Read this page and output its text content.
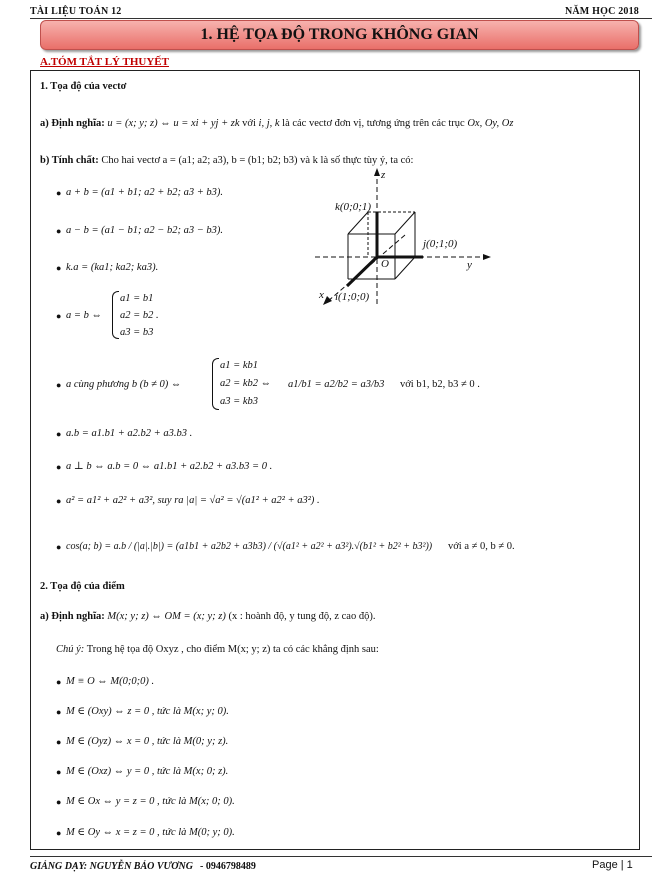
TÀI LIỆU TOÁN 12	NĂM HỌC 2018
1. HỆ TỌA ĐỘ TRONG KHÔNG GIAN
A.TÓM TẮT LÝ THUYẾT
1. Tọa độ của vectơ
a) Định nghĩa: u = (x; y; z) ⇔ u = xi + yj + zk với i, j, k là các vectơ đơn vị, tương ứng trên các trục Ox, Oy, Oz
b) Tính chất: Cho hai vectơ a = (a1; a2; a3), b = (b1; b2; b3) và k là số thực tùy ý, ta có:
● a + b = (a1 + b1; a2 + b2; a3 + b3).
● a − b = (a1 − b1; a2 − b2; a3 − b3).
● k.a = (ka1; ka2; ka3).
● a = b ⇔
a1 = b1
a2 = b2 .
a3 = b3
● a cùng phương b (b ≠ 0) ⇔
a1 = kb1
a2 = kb2 ⇔
a3 = kb3
a1/b1 = a2/b2 = a3/b3 với b1, b2, b3 ≠ 0 .
● a.b = a1.b1 + a2.b2 + a3.b3 .
● a ⊥ b ⇔ a.b = 0 ⇔ a1.b1 + a2.b2 + a3.b3 = 0 .
● a² = a1² + a2² + a3², suy ra |a| = √a² = √(a1² + a2² + a3²) .
● cos(a; b) = a.b / (|a|.|b|) = (a1b1 + a2b2 + a3b3) / (√(a1² + a2² + a3²).√(b1² + b2² + b3²)) với a ≠ 0, b ≠ 0.
z
y
x
O
k(0;0;1)
j(0;1;0)
i(1;0;0)
2. Tọa độ của điểm
a) Định nghĩa: M(x; y; z) ⇔ OM = (x; y; z) (x : hoành độ, y tung độ, z cao độ).
Chú ý: Trong hệ tọa độ Oxyz , cho điểm M(x; y; z) ta có các khẳng định sau:
● M ≡ O ⇔ M(0;0;0) .
● M ∈ (Oxy) ⇔ z = 0 , tức là M(x; y; 0).
● M ∈ (Oyz) ⇔ x = 0 , tức là M(0; y; z).
● M ∈ (Oxz) ⇔ y = 0 , tức là M(x; 0; z).
● M ∈ Ox ⇔ y = z = 0 , tức là M(x; 0; 0).
● M ∈ Oy ⇔ x = z = 0 , tức là M(0; y; 0).
GIẢNG DẠY: NGUYỄN BẢO VƯƠNG - 0946798489	Page | 1
